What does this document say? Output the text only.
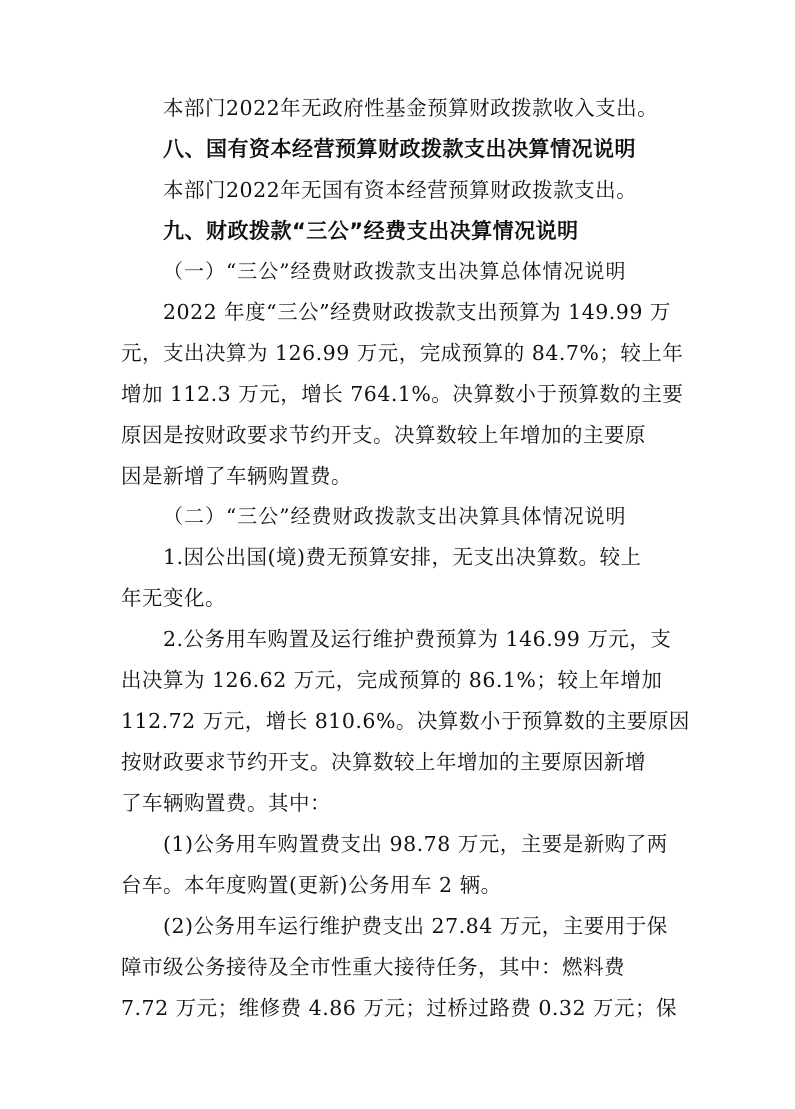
本部门2022年无政府性基金预算财政拨款收入支出。
八、国有资本经营预算财政拨款支出决算情况说明
本部门2022年无国有资本经营预算财政拨款支出。
九、财政拨款“三公”经费支出决算情况说明
（一）“三公”经费财政拨款支出决算总体情况说明
2022 年度“三公”经费财政拨款支出预算为 149.99 万
元，支出决算为 126.99 万元，完成预算的 84.7%；较上年
增加 112.3 万元，增长 764.1%。决算数小于预算数的主要
原因是按财政要求节约开支。决算数较上年增加的主要原
因是新增了车辆购置费。
（二）“三公”经费财政拨款支出决算具体情况说明
1.因公出国(境)费无预算安排，无支出决算数。较上
年无变化。
2.公务用车购置及运行维护费预算为 146.99 万元，支
出决算为 126.62 万元，完成预算的 86.1%；较上年增加
112.72 万元，增长 810.6%。决算数小于预算数的主要原因
按财政要求节约开支。决算数较上年增加的主要原因新增
了车辆购置费。其中：
(1)公务用车购置费支出 98.78 万元，主要是新购了两
台车。本年度购置(更新)公务用车 2 辆。
(2)公务用车运行维护费支出 27.84 万元，主要用于保
障市级公务接待及全市性重大接待任务，其中：燃料费
7.72 万元；维修费 4.86 万元；过桥过路费 0.32 万元；保
